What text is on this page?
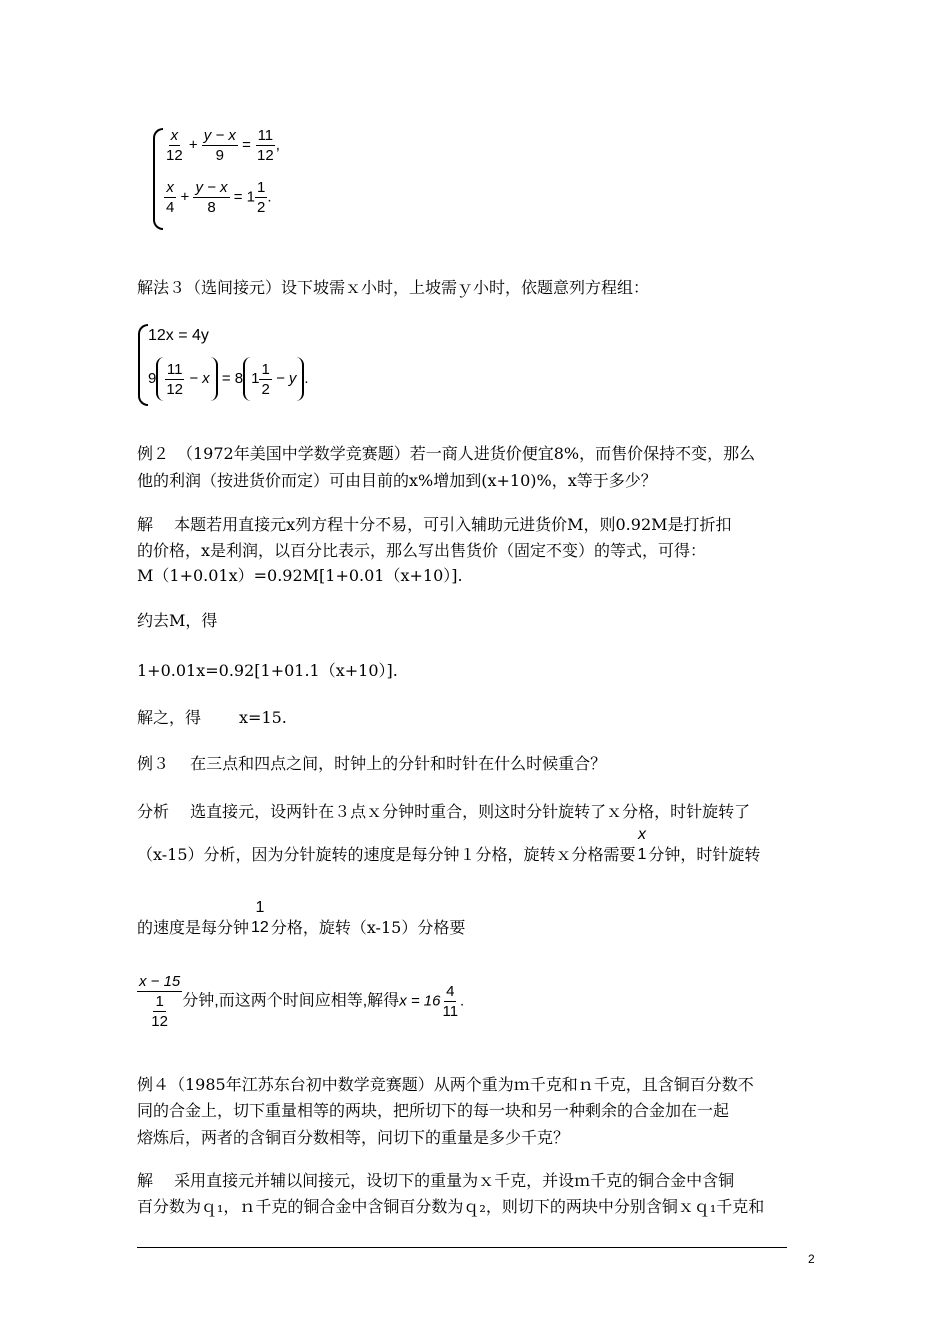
$\frac{x}{12} + \frac{y - x}{9} = \frac{11}{12}$ ,
$\frac{x}{4} + \frac{y - x}{8} = 1 \frac{1}{2}$ .
解法３（选间接元）设下坡需ｘ小时，上坡需ｙ小时，依题意列方程组：
12x = 4y
$9 \frac{11}{12} - x = 8$ $1 \frac{1}{2} - y$ .
例２　（1972年美国中学数学竞赛题）若一商人进货价便宜8%，而售价保持不变，那么
他的利润（按进货价而定）可由目前的x%增加到(x+10)%，x等于多少？
解　 本题若用直接元x列方程十分不易，可引入辅助元进货价M，则0.92M是打折扣
的价格，x是利润，以百分比表示，那么写出售货价（固定不变）的等式，可得：
M（1+0.01x）=0.92M[1+0.01（x+10）].
约去M，得
1+0.01x=0.92[1+01.1（x+10）].
解之，得 x=15.
例３　 在三点和四点之间，时钟上的分针和时针在什么时候重合？
分析　 选直接元，设两针在３点ｘ分钟时重合，则这时分针旋转了ｘ分格，时针旋转了
（x-15）分析，因为分针旋转的速度是每分钟１分格，旋转ｘ分格需要
x
1 分钟，时针旋转
的速度是每分钟
1
12 分格，旋转（x-15）分格要
$\frac{x - 15}{\frac{1}{12}}$ 分钟,而这两个时间应相等,解得$x = 16 \frac{4}{11}$ .
例４（1985年江苏东台初中数学竞赛题）从两个重为ｍ千克和ｎ千克，且含铜百分数不
同的合金上，切下重量相等的两块，把所切下的每一块和另一种剩余的合金加在一起
熔炼后，两者的含铜百分数相等，问切下的重量是多少千克？
解　 采用直接元并辅以间接元，设切下的重量为ｘ千克，并设ｍ千克的铜合金中含铜
百分数为ｑ₁，ｎ千克的铜合金中含铜百分数为ｑ₂，则切下的两块中分别含铜ｘｑ₁千克和
2
